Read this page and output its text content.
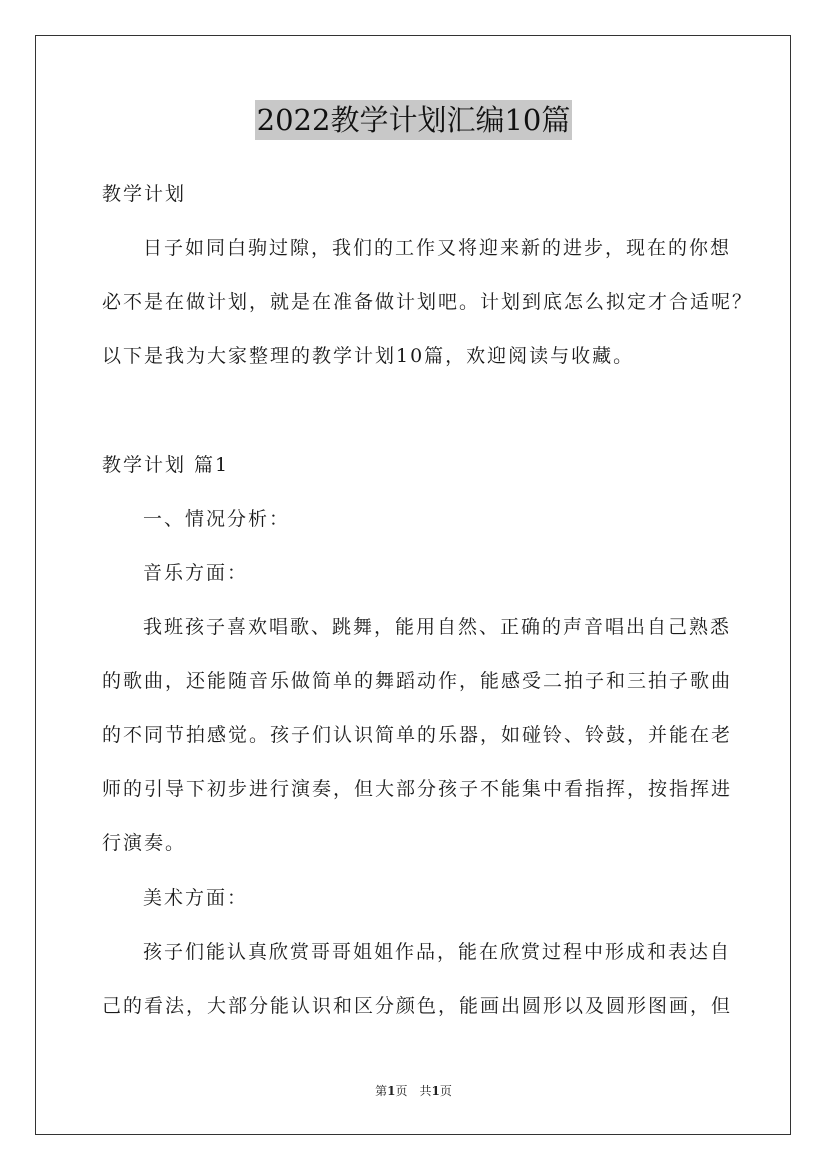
2022教学计划汇编10篇
教学计划
日子如同白驹过隙，我们的工作又将迎来新的进步，现在的你想
必不是在做计划，就是在准备做计划吧。计划到底怎么拟定才合适呢？
以下是我为大家整理的教学计划10篇，欢迎阅读与收藏。
教学计划 篇1
一、情况分析：
音乐方面：
我班孩子喜欢唱歌、跳舞，能用自然、正确的声音唱出自己熟悉
的歌曲，还能随音乐做简单的舞蹈动作，能感受二拍子和三拍子歌曲
的不同节拍感觉。孩子们认识简单的乐器，如碰铃、铃鼓，并能在老
师的引导下初步进行演奏，但大部分孩子不能集中看指挥，按指挥进
行演奏。
美术方面：
孩子们能认真欣赏哥哥姐姐作品，能在欣赏过程中形成和表达自
己的看法，大部分能认识和区分颜色，能画出圆形以及圆形图画，但
第1页　共1页
